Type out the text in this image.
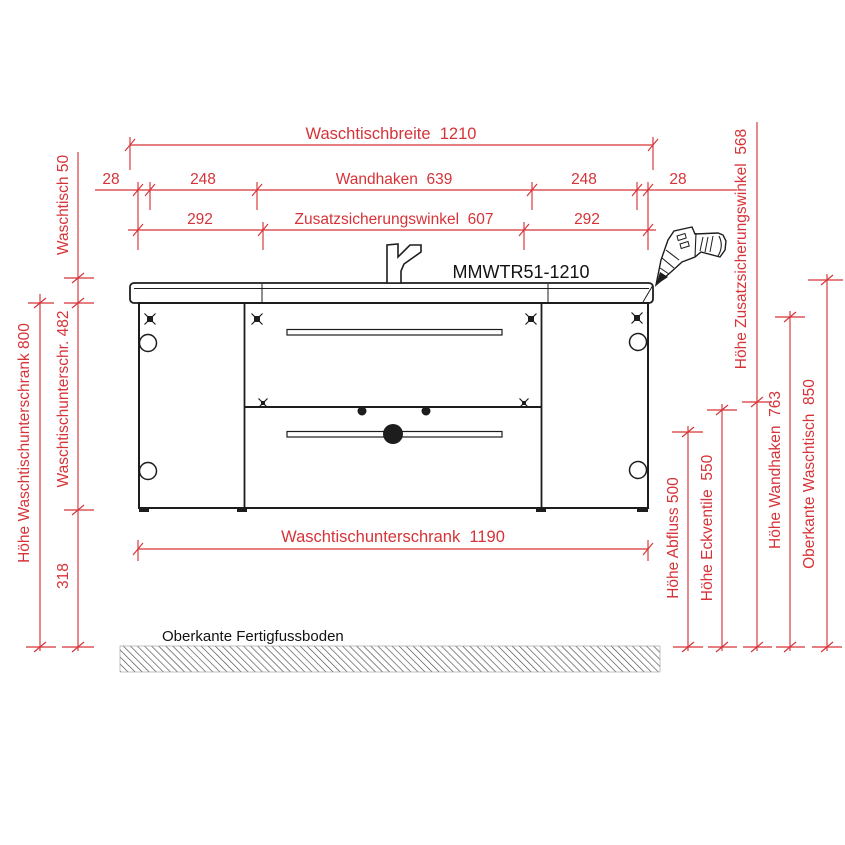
MMWTR51-1210
Oberkante Fertigfussboden
Waschtischbreite  1210
28	248	Wandhaken  639	248	28
292	Zusatzsicherungswinkel  607	292
Waschtischunterschrank  1190
Waschtisch 50
Höhe Waschtischunterschrank 800 Waschtischunterschr. 482
318	Höhe Abfluss 500 Höhe Eckventile  550
Höhe Zusatzsicherungswinkel  568
Höhe Wandhaken  763 Oberkante Waschtisch  850
